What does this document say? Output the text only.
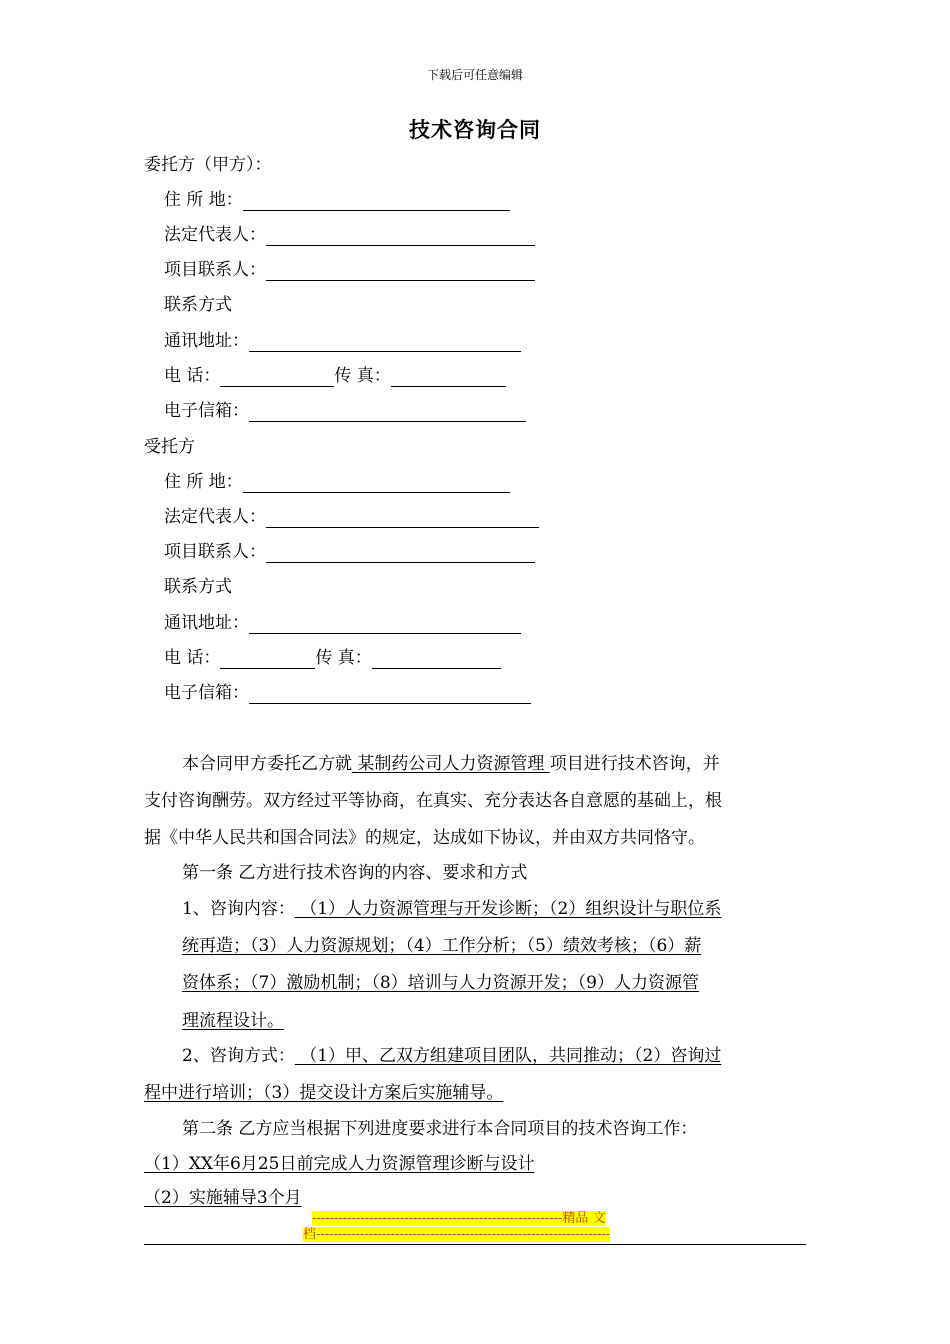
下载后可任意编辑
技术咨询合同
委托方（甲方）：
住 所 地：
法定代表人：
项目联系人：
联系方式
通讯地址：
电 话：	传 真：
电子信箱：
受托方
住 所 地：
法定代表人：
项目联系人：
联系方式
通讯地址：
电 话：	传 真：
电子信箱：
本合同甲方委托乙方就 某制药公司人力资源管理 项目进行技术咨询，并
支付咨询酬劳。双方经过平等协商，在真实、充分表达各自意愿的基础上，根
据《中华人民共和国合同法》的规定，达成如下协议，并由双方共同恪守。
第一条 乙方进行技术咨询的内容、要求和方式
1、咨询内容： （1）人力资源管理与开发诊断；（2）组织设计与职位系
统再造；（3）人力资源规划；（4）工作分析；（5）绩效考核；（6）薪
资体系；（7）激励机制；（8）培训与人力资源开发；（9）人力资源管
理流程设计。
2、咨询方式： （1）甲、乙双方组建项目团队，共同推动；（2）咨询过
程中进行培训；（3）提交设计方案后实施辅导。
第二条 乙方应当根据下列进度要求进行本合同项目的技术咨询工作：
（1）XX年6月25日前完成人力资源管理诊断与设计
（2）实施辅导3个月
---------------------------------------------------------精品 文
档-------------------------------------------------------------------
